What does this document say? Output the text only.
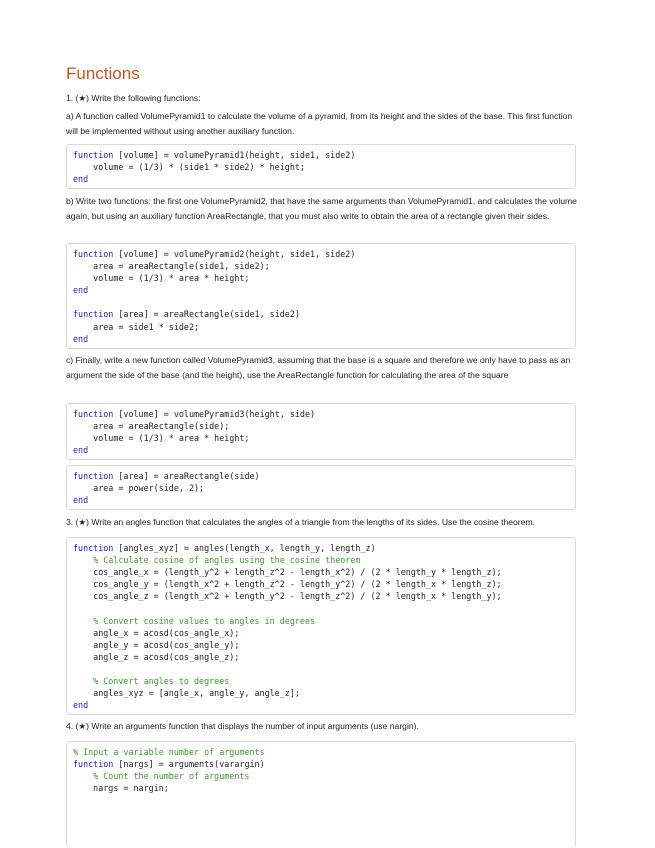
Functions
1. (★) Write the following functions:
a) A function called VolumePyramid1 to calculate the volume of a pyramid, from its height and the sides of the base. This first function will be implemented without using another auxiliary function.
function [volume] = volumePyramid1(height, side1, side2)
volume = (1/3) * (side1 * side2) * height;
end
b) Write two functions: the first one VolumePyramid2, that have the same arguments than VolumePyramid1, and calculates the volume again, but using an auxiliary function AreaRectangle, that you must also write to obtain the area of a rectangle given their sides.
function [volume] = volumePyramid2(height, side1, side2)
area = areaRectangle(side1, side2);
volume = (1/3) * area * height;
end
function [area] = areaRectangle(side1, side2)
area = side1 * side2;
end
c) Finally, write a new function called VolumePyramid3, assuming that the base is a square and therefore we only have to pass as an argument the side of the base (and the height), use the AreaRectangle function for calculating the area of the square
function [volume] = volumePyramid3(height, side)
area = areaRectangle(side);
volume = (1/3) * area * height;
end
function [area] = areaRectangle(side)
area = power(side, 2);
end
3. (★) Write an angles function that calculates the angles of a triangle from the lengths of its sides. Use the cosine theorem.
function [angles_xyz] = angles(length_x, length_y, length_z)
% Calculate cosine of angles using the cosine theorem
cos_angle_x = (length_y^2 + length_z^2 - length_x^2) / (2 * length_y * length_z);
cos_angle_y = (length_x^2 + length_z^2 - length_y^2) / (2 * length_x * length_z);
cos_angle_z = (length_x^2 + length_y^2 - length_z^2) / (2 * length_x * length_y);
% Convert cosine values to angles in degrees
angle_x = acosd(cos_angle_x);
angle_y = acosd(cos_angle_y);
angle_z = acosd(cos_angle_z);
% Convert angles to degrees
angles_xyz = [angle_x, angle_y, angle_z];
end
4. (★) Write an arguments function that displays the number of input arguments (use nargin).
% Input a variable number of arguments
function [nargs] = arguments(varargin)
% Count the number of arguments
nargs = nargin;
